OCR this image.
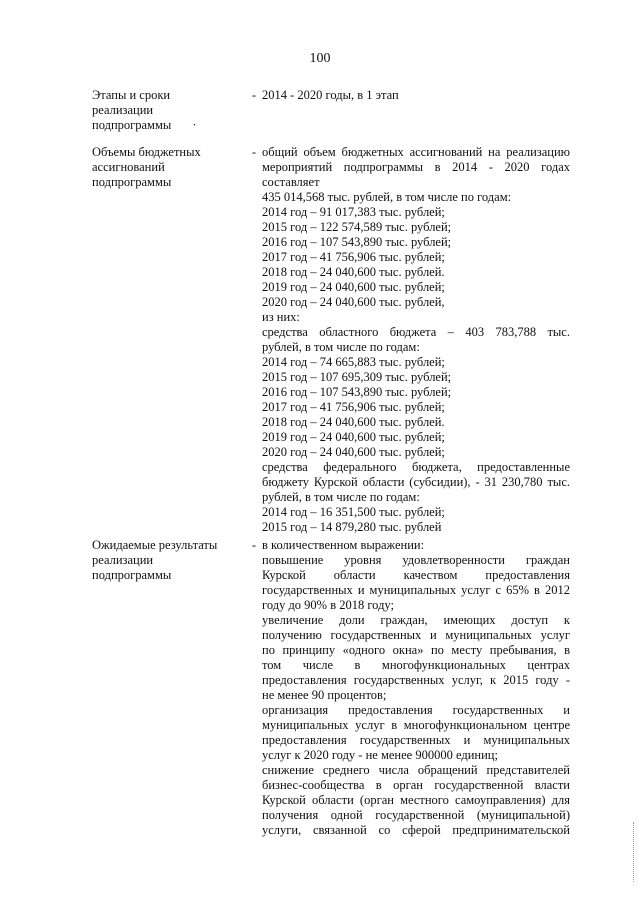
100
Этапы и сроки
реализации
подпрограммы ·
- 2014 - 2020 годы, в 1 этап
Объемы бюджетных
ассигнований
подпрограммы
- общий объем бюджетных ассигнований на реализацию
мероприятий подпрограммы в 2014 - 2020 годах
составляет
435 014,568 тыс. рублей, в том числе по годам:
2014 год – 91 017,383 тыс. рублей;
2015 год – 122 574,589 тыс. рублей;
2016 год – 107 543,890 тыс. рублей;
2017 год – 41 756,906 тыс. рублей;
2018 год – 24 040,600 тыс. рублей.
2019 год – 24 040,600 тыс. рублей;
2020 год – 24 040,600 тыс. рублей,
из них:
средства областного бюджета – 403 783,788 тыс.
рублей, в том числе по годам:
2014 год – 74 665,883 тыс. рублей;
2015 год – 107 695,309 тыс. рублей;
2016 год – 107 543,890 тыс. рублей;
2017 год – 41 756,906 тыс. рублей;
2018 год – 24 040,600 тыс. рублей.
2019 год – 24 040,600 тыс. рублей;
2020 год – 24 040,600 тыс. рублей;
средства федерального бюджета, предоставленные
бюджету Курской области (субсидии), - 31 230,780 тыс.
рублей, в том числе по годам:
2014 год – 16 351,500 тыс. рублей;
2015 год – 14 879,280 тыс. рублей
Ожидаемые результаты
реализации
подпрограммы
- в количественном выражении:
повышение уровня удовлетворенности граждан
Курской области качеством предоставления
государственных и муниципальных услуг с 65% в 2012
году до 90% в 2018 году;
увеличение доли граждан, имеющих доступ к
получению государственных и муниципальных услуг
по принципу «одного окна» по месту пребывания, в
том числе в многофункциональных центрах
предоставления государственных услуг, к 2015 году -
не менее 90 процентов;
организация предоставления государственных и
муниципальных услуг в многофункциональном центре
предоставления государственных и муниципальных
услуг к 2020 году - не менее 900000 единиц;
снижение среднего числа обращений представителей
бизнес-сообщества в орган государственной власти
Курской области (орган местного самоуправления) для
получения одной государственной (муниципальной)
услуги, связанной со сферой предпринимательской
